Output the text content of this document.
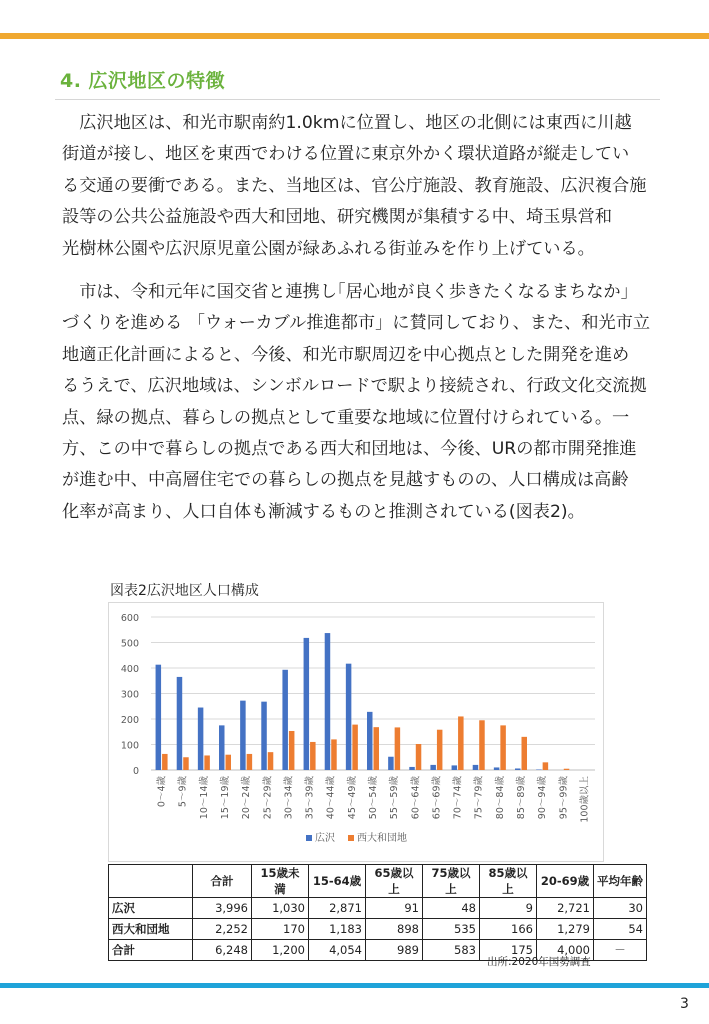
4. 広沢地区の特徴

　広沢地区は、和光市駅南約1.0kmに位置し、地区の北側には東西に川越
街道が接し、地区を東西でわける位置に東京外かく環状道路が縦走してい
る交通の要衝である。また、当地区は、官公庁施設、教育施設、広沢複合施
設等の公共公益施設や西大和団地、研究機関が集積する中、埼玉県営和
光樹林公園や広沢原児童公園が緑あふれる街並みを作り上げている。

　市は、令和元年に国交省と連携し｢居心地が良く歩きたくなるまちなか｣
づくりを進める 「ウォーカブル推進都市」に賛同しており、また、和光市立
地適正化計画によると、今後、和光市駅周辺を中心拠点とした開発を進め
るうえで、広沢地域は、シンボルロードで駅より接続され、行政文化交流拠
点、緑の拠点、暮らしの拠点として重要な地域に位置付けられている。一
方、この中で暮らしの拠点である西大和団地は、今後、URの都市開発推進
が進む中、中高層住宅での暮らしの拠点を見越すものの、人口構成は高齢
化率が高まり、人口自体も漸減するものと推測されている(図表2)。

図表2広沢地区人口構成
0
100
200
300
400
500
600
0～4歳 5～9歳 10～14歳 15～19歳 20～24歳 25～29歳 30～34歳 35～39歳 40～44歳 45～49歳 50～54歳 55～59歳 60～64歳 65～69歳 70～74歳 75～79歳 80～84歳 85～89歳 90～94歳 95～99歳 100歳以上
広沢 西大和団地
	合計	15歳未満	15‐64歳	65歳以上	75歳以上	85歳以上	20‐69歳	平均年齢
広沢	3,996	1,030	2,871	91	48	9	2,721	30
西大和団地	2,252	170	1,183	898	535	166	1,279	54
合計	6,248	1,200	4,054	989	583	175	4,000	－
出所:2020年国勢調査
3
